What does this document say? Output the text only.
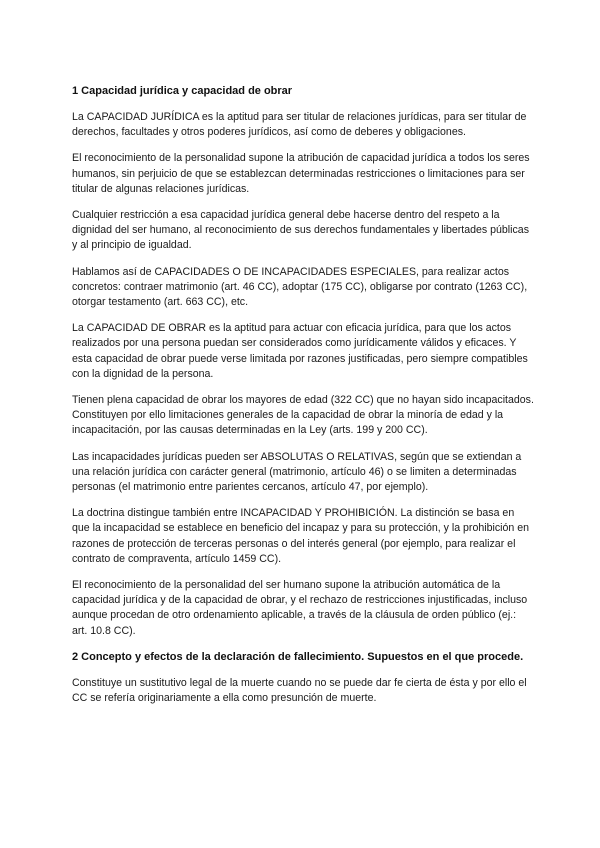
1 Capacidad jurídica y capacidad de obrar

La CAPACIDAD JURÍDICA es la aptitud para ser titular de relaciones jurídicas, para ser titular de derechos, facultades y otros poderes jurídicos, así como de deberes y obligaciones.

El reconocimiento de la personalidad supone la atribución de capacidad jurídica a todos los seres humanos, sin perjuicio de que se establezcan determinadas restricciones o limitaciones para ser titular de algunas relaciones jurídicas.

Cualquier restricción a esa capacidad jurídica general debe hacerse dentro del respeto a la dignidad del ser humano, al reconocimiento de sus derechos fundamentales y libertades públicas y al principio de igualdad.

Hablamos así de CAPACIDADES O DE INCAPACIDADES ESPECIALES, para realizar actos concretos: contraer matrimonio (art. 46 CC), adoptar (175 CC), obligarse por contrato (1263 CC), otorgar testamento (art. 663 CC), etc.

La CAPACIDAD DE OBRAR es la aptitud para actuar con eficacia jurídica, para que los actos realizados por una persona puedan ser considerados como jurídicamente válidos y eficaces. Y esta capacidad de obrar puede verse limitada por razones justificadas, pero siempre compatibles con la dignidad de la persona.

Tienen plena capacidad de obrar los mayores de edad (322 CC) que no hayan sido incapacitados. Constituyen por ello limitaciones generales de la capacidad de obrar la minoría de edad y la incapacitación, por las causas determinadas en la Ley (arts. 199 y 200 CC).

Las incapacidades jurídicas pueden ser ABSOLUTAS O RELATIVAS, según que se extiendan a una relación jurídica con carácter general (matrimonio, artículo 46) o se limiten a determinadas personas (el matrimonio entre parientes cercanos, artículo 47, por ejemplo).

La doctrina distingue también entre INCAPACIDAD Y PROHIBICIÓN. La distinción se basa en que la incapacidad se establece en beneficio del incapaz y para su protección, y la prohibición en razones de protección de terceras personas o del interés general (por ejemplo, para realizar el contrato de compraventa, artículo 1459 CC).

El reconocimiento de la personalidad del ser humano supone la atribución automática de la capacidad jurídica y de la capacidad de obrar, y el rechazo de restricciones injustificadas, incluso aunque procedan de otro ordenamiento aplicable, a través de la cláusula de orden público (ej.: art. 10.8 CC).

2 Concepto y efectos de la declaración de fallecimiento. Supuestos en el que procede.

Constituye un sustitutivo legal de la muerte cuando no se puede dar fe cierta de ésta y por ello el CC se refería originariamente a ella como presunción de muerte.
